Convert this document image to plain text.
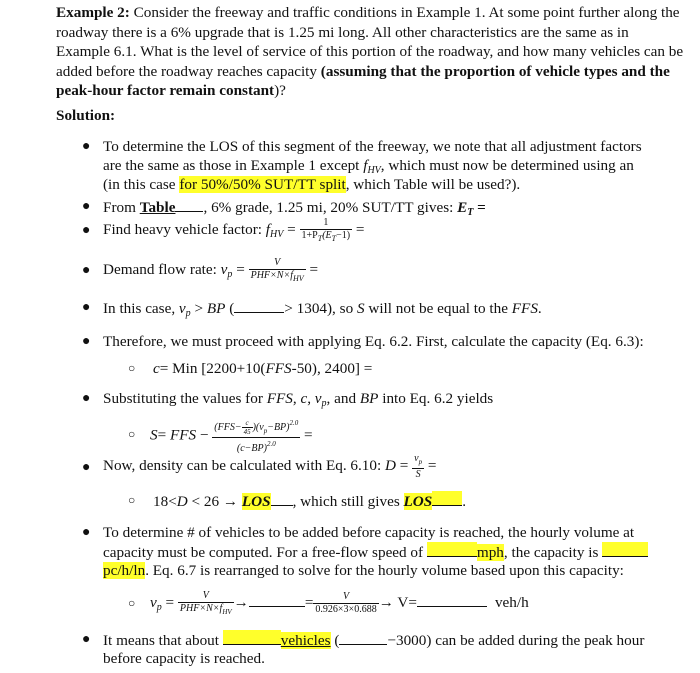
Example 2: Consider the freeway and traffic conditions in Example 1. At some point further along the roadway there is a 6% upgrade that is 1.25 mi long. All other characteristics are the same as in Example 6.1. What is the level of service of this portion of the roadway, and how many vehicles can be added before the roadway reaches capacity (assuming that the proportion of vehicle types and the peak-hour factor remain constant)?
Solution:
● To determine the LOS of this segment of the freeway, we note that all adjustment factors
are the same as those in Example 1 except $f_{HV}$, which must now be determined using an
(in this case for 50%/50% SUT/TT split, which Table will be used?).
● From Table , 6% grade, 1.25 mi, 20% SUT/TT gives: $E_T$ =
● Find heavy vehicle factor: $f_{HV} = \frac{1}{1+P_T(E_T-1)}$ =
● Demand flow rate: $v_p = \frac{V}{PHF\times N\times f_{HV}}$ =
● In this case, $v_p$ > BP (	> 1304), so S will not be equal to the FFS.
● Therefore, we must proceed with applying Eq. 6.2. First, calculate the capacity (Eq. 6.3):
○ c= Min [2200+10(FFS-50), 2400] =
● Substituting the values for FFS, c, $v_p$, and BP into Eq. 6.2 yields
○ S= FFS − $\frac{(FFS- \frac{c}{45} )(v_p-BP)^{2.0}}{(c-BP)^{2.0}}$ =
● Now, density can be calculated with Eq. 6.10: $D = \frac{v_p}{S}$ =
○ 18<D < 26 → LOS , which still gives LOS .
● To determine # of vehicles to be added before capacity is reached, the hourly volume at
capacity must be computed. For a free-flow speed of	mph, the capacity is
pc/h/ln. Eq. 6.7 is rearranged to solve for the hourly volume based upon this capacity:
○ $v_p = \frac{V}{PHF\times N\times f_{HV}}$ →	= $\frac{V}{0.926\times 3\times 0.688} \to V=$	veh/h
● It means that about	vehicles (	−3000) can be added during the peak hour
before capacity is reached.
